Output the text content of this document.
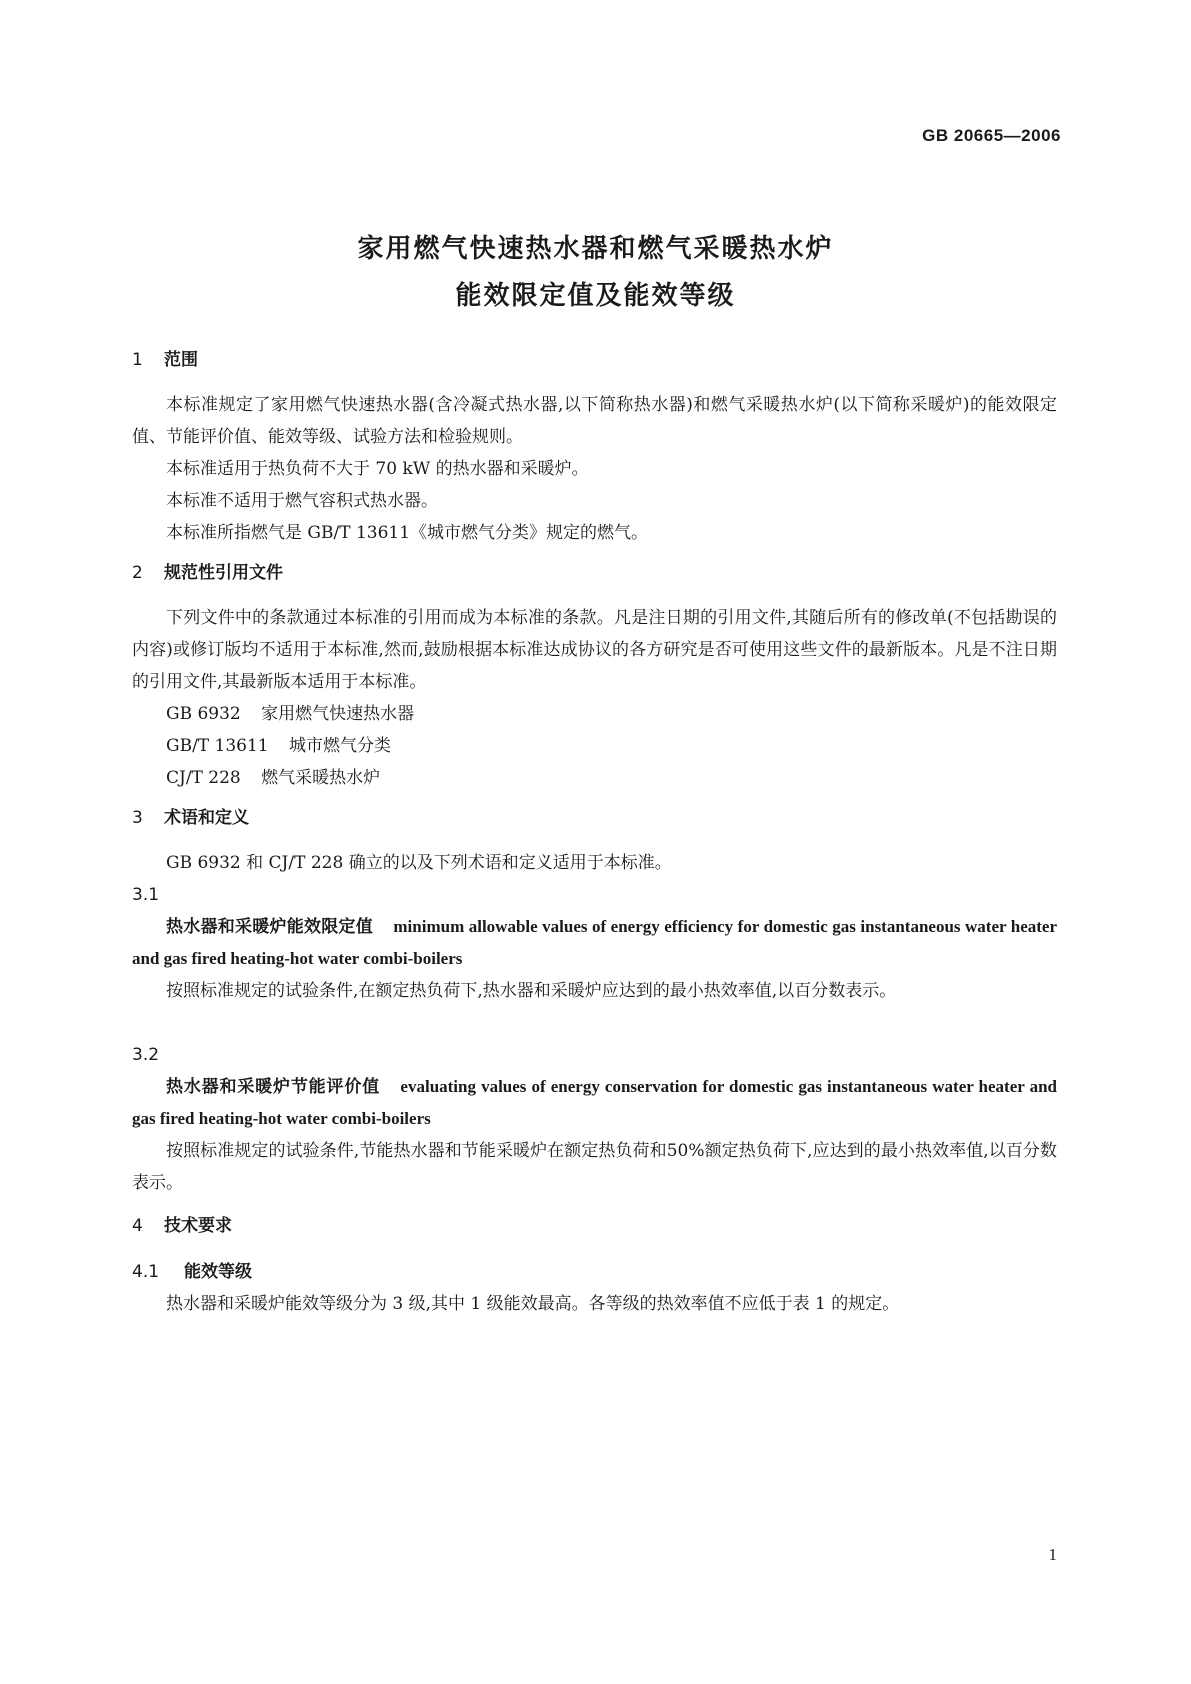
GB 20665—2006
家用燃气快速热水器和燃气采暖热水炉
能效限定值及能效等级
1 范围

本标准规定了家用燃气快速热水器(含冷凝式热水器,以下简称热水器)和燃气采暖热水炉(以下简称采暖炉)的能效限定值、节能评价值、能效等级、试验方法和检验规则。

本标准适用于热负荷不大于 70 kW 的热水器和采暖炉。

本标准不适用于燃气容积式热水器。

本标准所指燃气是 GB/T 13611《城市燃气分类》规定的燃气。

2 规范性引用文件

下列文件中的条款通过本标准的引用而成为本标准的条款。凡是注日期的引用文件,其随后所有的修改单(不包括勘误的内容)或修订版均不适用于本标准,然而,鼓励根据本标准达成协议的各方研究是否可使用这些文件的最新版本。凡是不注日期的引用文件,其最新版本适用于本标准。

GB 6932 家用燃气快速热水器
GB/T 13611 城市燃气分类
CJ/T 228 燃气采暖热水炉
3 术语和定义

GB 6932 和 CJ/T 228 确立的以及下列术语和定义适用于本标准。

3.1

热水器和采暖炉能效限定值 minimum allowable values of energy efficiency for domestic gas instantaneous water heater and gas fired heating-hot water combi-boilers

按照标准规定的试验条件,在额定热负荷下,热水器和采暖炉应达到的最小热效率值,以百分数表示。

3.2

热水器和采暖炉节能评价值 evaluating values of energy conservation for domestic gas instantaneous water heater and gas fired heating-hot water combi-boilers

按照标准规定的试验条件,节能热水器和节能采暖炉在额定热负荷和50%额定热负荷下,应达到的最小热效率值,以百分数表示。

4 技术要求
4.1 能效等级

热水器和采暖炉能效等级分为 3 级,其中 1 级能效最高。各等级的热效率值不应低于表 1 的规定。

1
